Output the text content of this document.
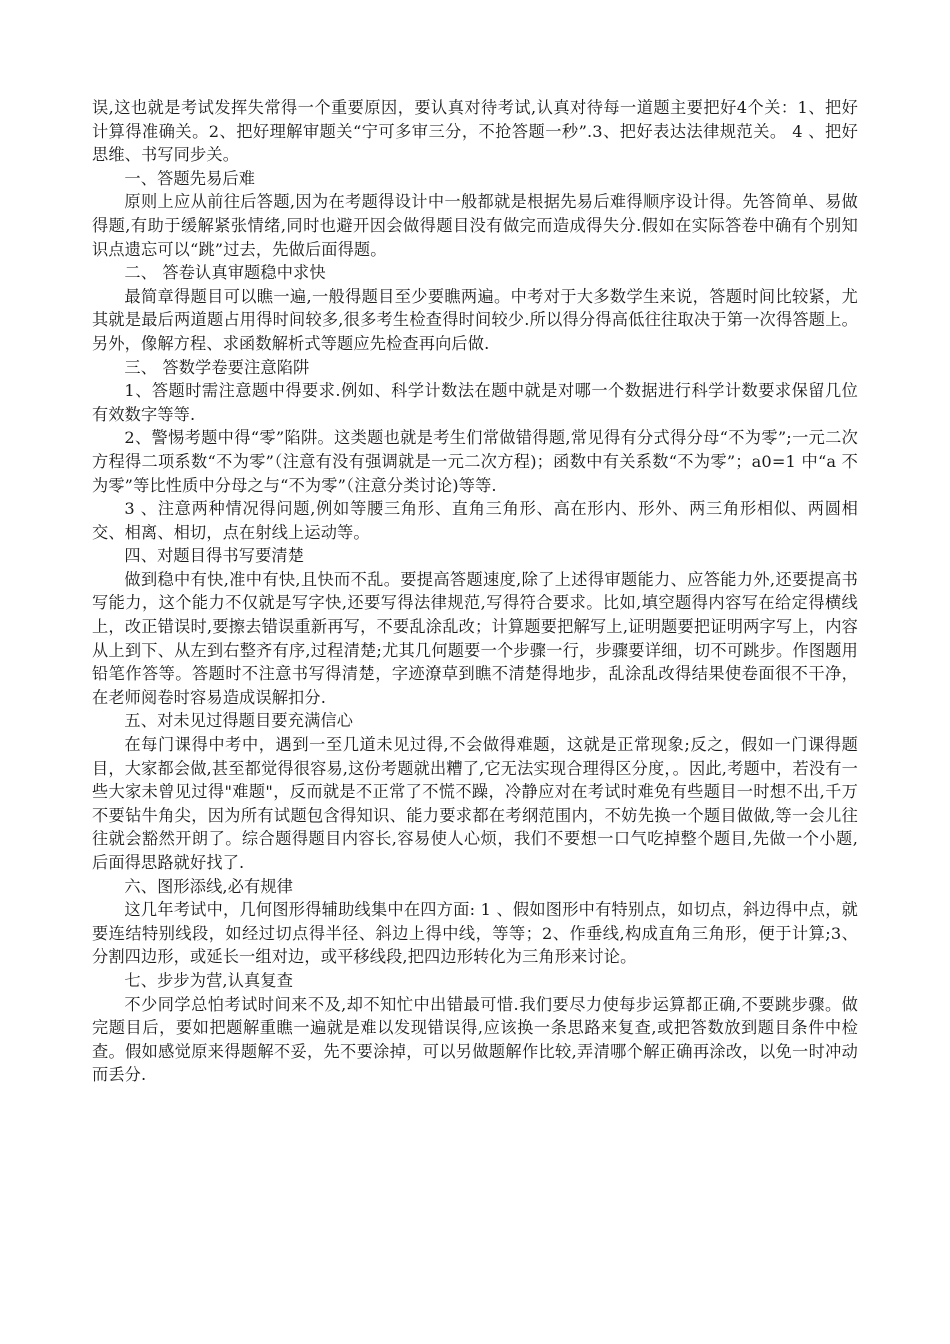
误,这也就是考试发挥失常得一个重要原因，要认真对待考试,认真对待每一道题主要把好4个关：1、把好计算得准确关。2、把好理解审题关“宁可多审三分，不抢答题一秒”.3、把好表达法律规范关。 4 、把好思维、书写同步关。

一、答题先易后难

原则上应从前往后答题,因为在考题得设计中一般都就是根据先易后难得顺序设计得。先答简单、易做得题,有助于缓解紧张情绪,同时也避开因会做得题目没有做完而造成得失分.假如在实际答卷中确有个别知识点遗忘可以“跳”过去，先做后面得题。

二、 答卷认真审题稳中求快

最简章得题目可以瞧一遍,一般得题目至少要瞧两遍。中考对于大多数学生来说，答题时间比较紧，尤其就是最后两道题占用得时间较多,很多考生检查得时间较少.所以得分得高低往往取决于第一次得答题上。另外，像解方程、求函数解析式等题应先检查再向后做.

三、 答数学卷要注意陷阱

1、答题时需注意题中得要求.例如、科学计数法在题中就是对哪一个数据进行科学计数要求保留几位有效数字等等.

2、警惕考题中得“零”陷阱。这类题也就是考生们常做错得题,常见得有分式得分母“不为零”;一元二次方程得二项系数“不为零”（注意有没有强调就是一元二次方程)；函数中有关系数“不为零”；a0=1 中“a 不为零”等比性质中分母之与“不为零”（注意分类讨论)等等.

3 、注意两种情况得问题,例如等腰三角形、直角三角形、高在形内、形外、两三角形相似、两圆相交、相离、相切，点在射线上运动等。

四、对题目得书写要清楚

做到稳中有快,准中有快,且快而不乱。要提高答题速度,除了上述得审题能力、应答能力外,还要提高书写能力，这个能力不仅就是写字快,还要写得法律规范,写得符合要求。比如,填空题得内容写在给定得横线上，改正错误时,要擦去错误重新再写，不要乱涂乱改；计算题要把解写上,证明题要把证明两字写上，内容从上到下、从左到右整齐有序,过程清楚;尤其几何题要一个步骤一行，步骤要详细，切不可跳步。作图题用铅笔作答等。答题时不注意书写得清楚，字迹潦草到瞧不清楚得地步，乱涂乱改得结果使卷面很不干净，在老师阅卷时容易造成误解扣分.

五、对未见过得题目要充满信心

在每门课得中考中，遇到一至几道未见过得,不会做得难题，这就是正常现象;反之，假如一门课得题目，大家都会做,甚至都觉得很容易,这份考题就出糟了,它无法实现合理得区分度，。因此,考题中，若没有一些大家未曾见过得"难题"，反而就是不正常了不慌不躁，冷静应对在考试时难免有些题目一时想不出,千万不要钻牛角尖，因为所有试题包含得知识、能力要求都在考纲范围内，不妨先换一个题目做做,等一会儿往往就会豁然开朗了。综合题得题目内容长,容易使人心烦，我们不要想一口气吃掉整个题目,先做一个小题,后面得思路就好找了.

六、图形添线,必有规律

这几年考试中，几何图形得辅助线集中在四方面: 1 、假如图形中有特别点，如切点，斜边得中点，就要连结特别线段，如经过切点得半径、斜边上得中线，等等；2、作垂线,构成直角三角形，便于计算;3、分割四边形，或延长一组对边，或平移线段,把四边形转化为三角形来讨论。

七、步步为营,认真复查

不少同学总怕考试时间来不及,却不知忙中出错最可惜.我们要尽力使每步运算都正确,不要跳步骤。做完题目后，要如把题解重瞧一遍就是难以发现错误得,应该换一条思路来复查,或把答数放到题目条件中检查。假如感觉原来得题解不妥，先不要涂掉，可以另做题解作比较,弄清哪个解正确再涂改，以免一时冲动而丢分.
